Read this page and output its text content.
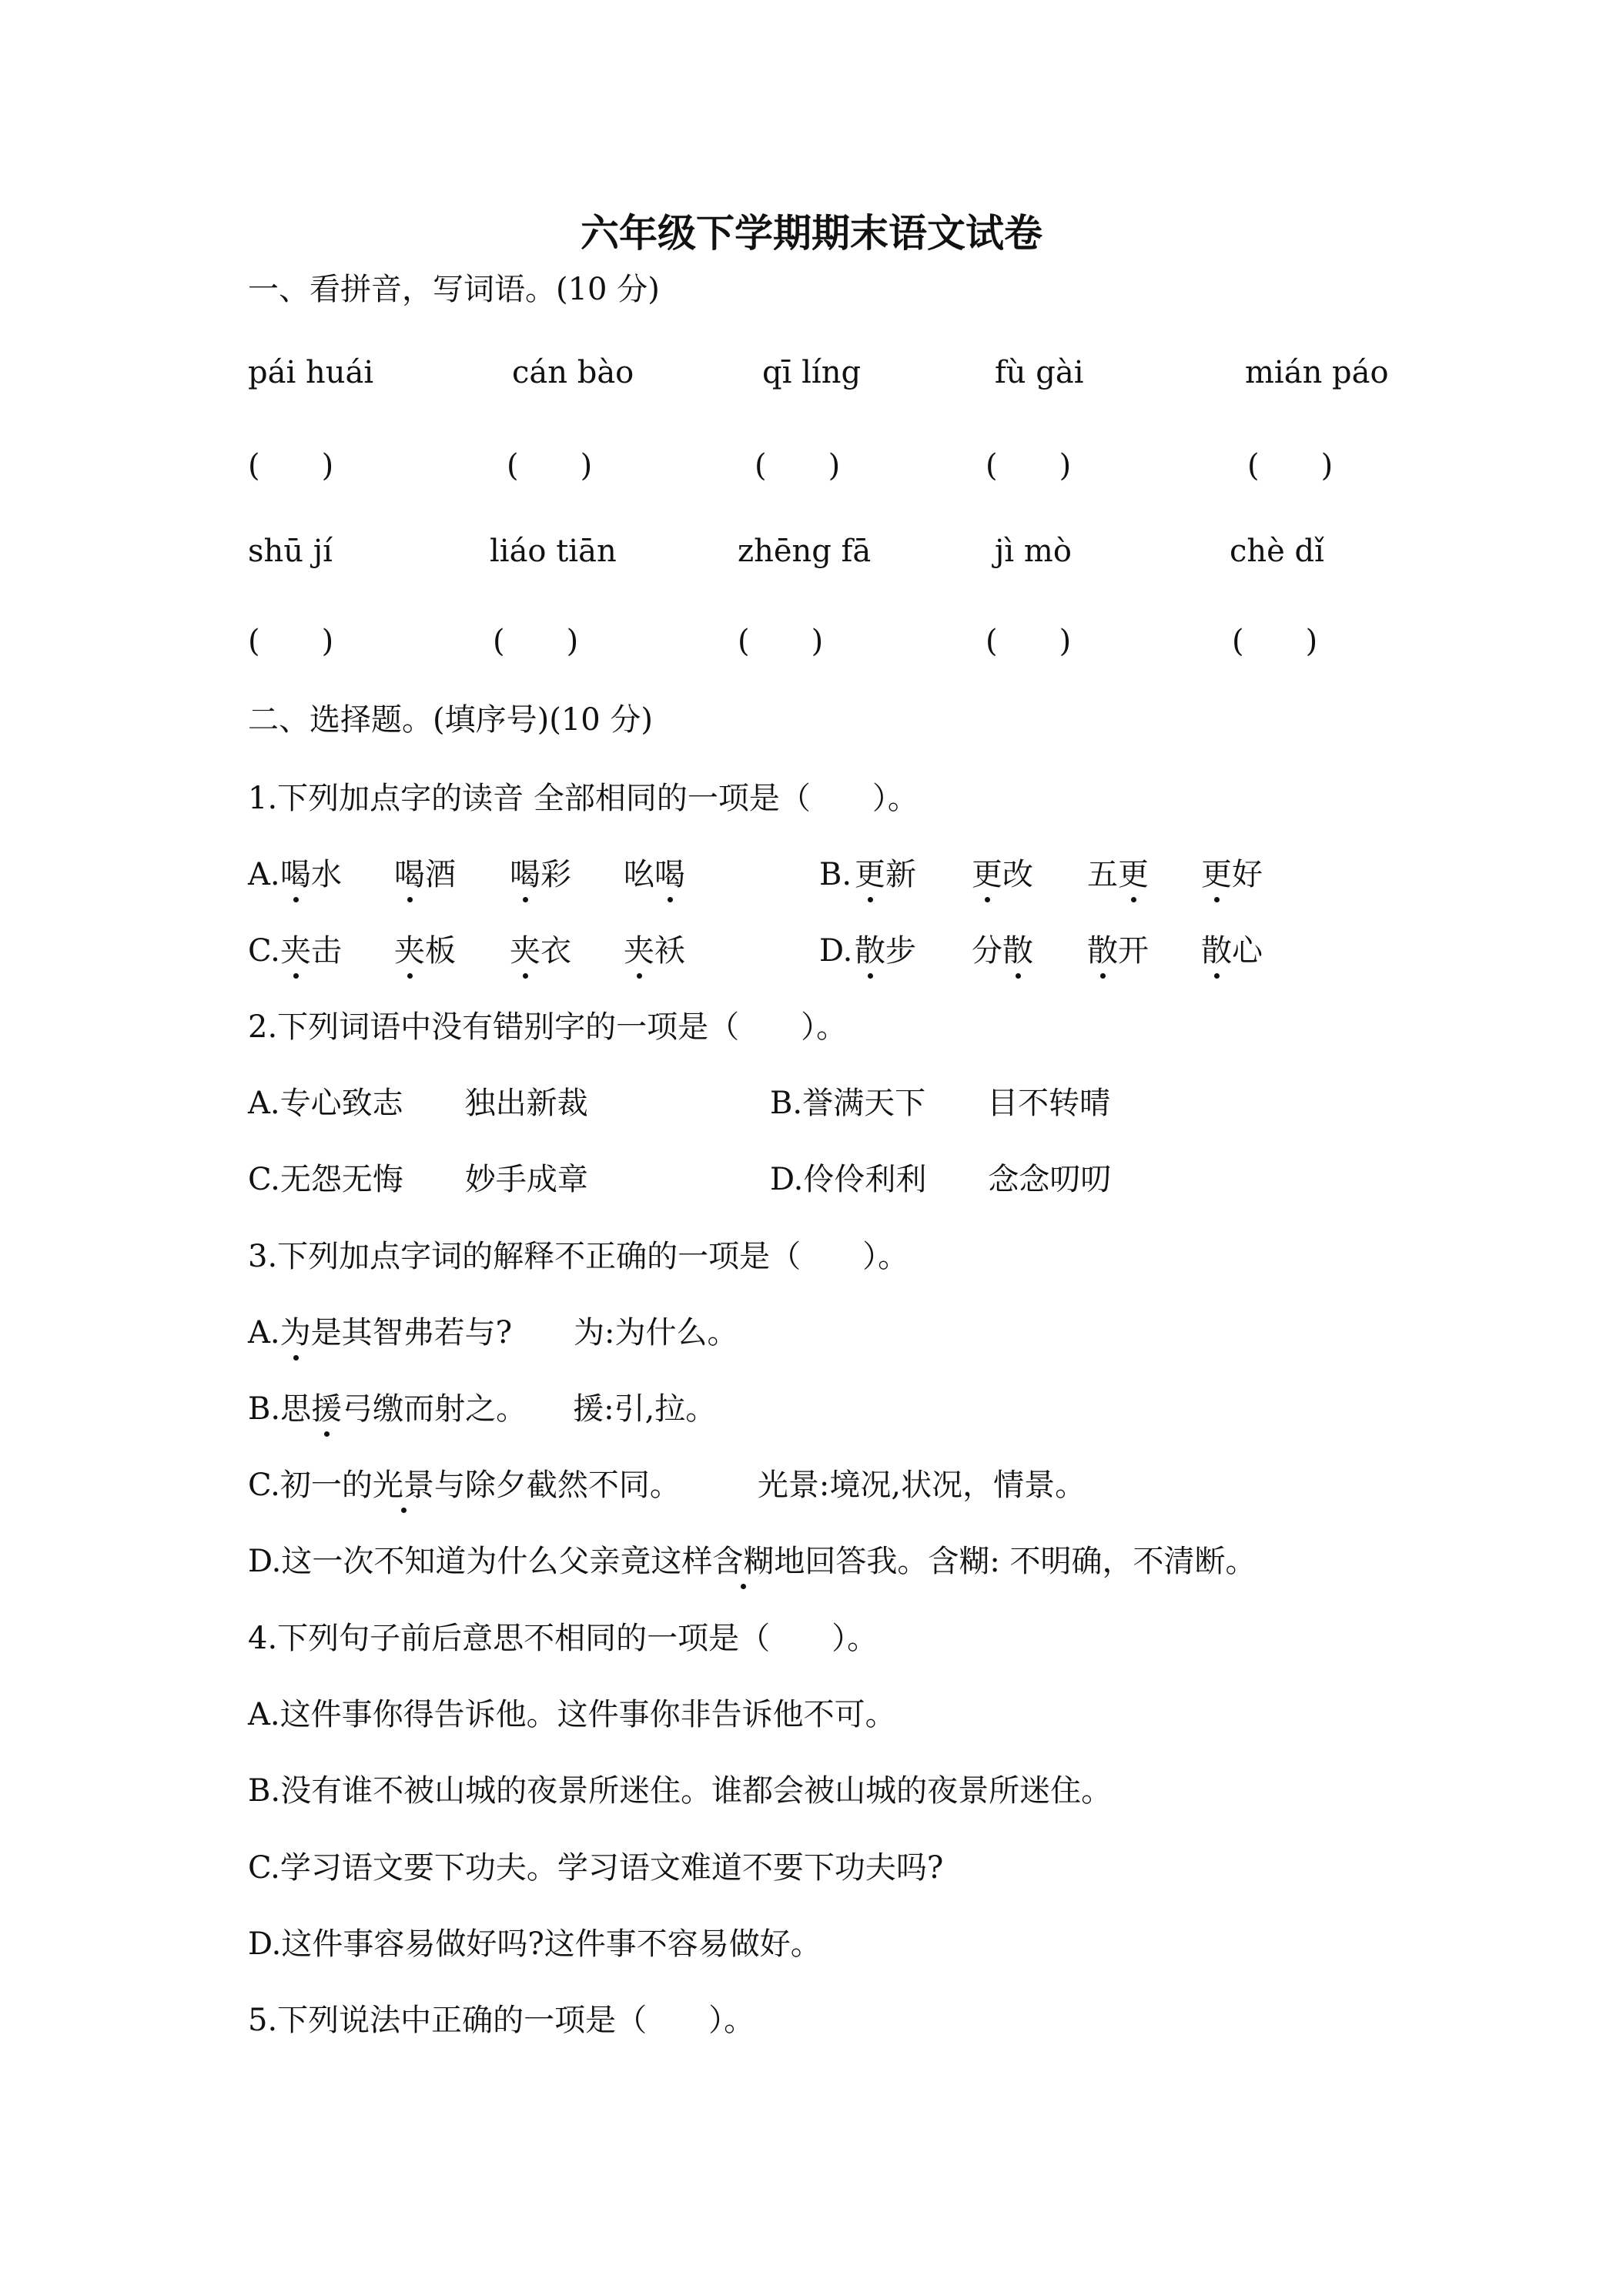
六年级下学期期末语文试卷
一、看拼音，写词语。(10 分)
pái huái	cán bào	qī líng	fù gài	mián páo
(　　)	(　　)	(　　)	(　　)	(　　)
shū jí	liáo tiān	zhēng fā	jì mò	chè dǐ
(　　)	(　　)	(　　)	(　　)	(　　)
二、选择题。(填序号)(10 分)
1.下列加点字的读音 全部相同的一项是（　　）。
A. 喝水 喝酒 喝彩 吆喝	B. 更新 更改 五更 更好
C. 夹击 夹板 夹衣 夹袄	D. 散步 分散 散开 散心
2.下列词语中没有错别字的一项是（　　）。
A.专心致志　　独出新裁	B.誉满天下　　目不转晴
C.无怨无悔　　妙手成章	D.伶伶利利　　念念叨叨
3.下列加点字词的解释不正确的一项是（　　）。
A.为是其智弗若与?　　为:为什么。
B.思援弓缴而射之。　　援:引,拉。
C.初一的光景与除夕截然不同。　　　光景:境况,状况，情景。
D.这一次不知道为什么父亲竟这样含糊地回答我。含糊: 不明确，不清断。
4.下列句子前后意思不相同的一项是（　　）。
A.这件事你得告诉他。这件事你非告诉他不可。
B.没有谁不被山城的夜景所迷住。谁都会被山城的夜景所迷住。
C.学习语文要下功夫。学习语文难道不要下功夫吗?
D.这件事容易做好吗?这件事不容易做好。
5.下列说法中正确的一项是（　　）。
